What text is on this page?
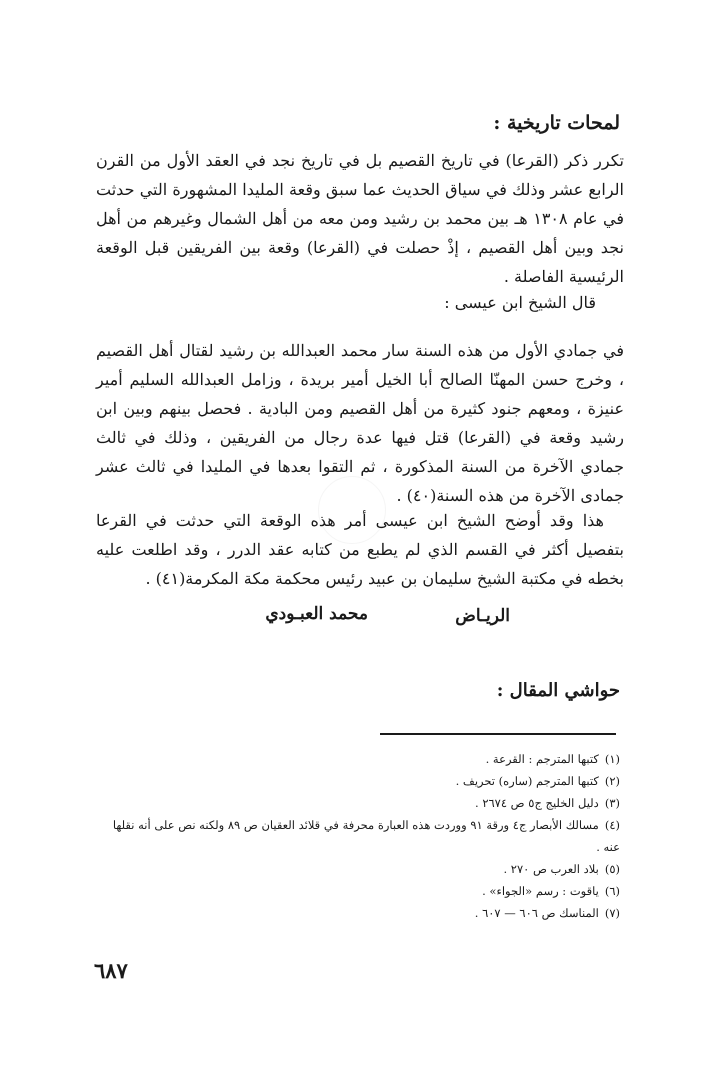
لمحات تاريخية :

تكرر ذكر (القرعا) في تاريخ القصيم بل في تاريخ نجد في العقد الأول من القرن الرابع عشر وذلك في سياق الحديث عما سبق وقعة المليدا المشهورة التي حدثت في عام ١٣٠٨ هـ بين محمد بن رشيد ومن معه من أهل الشمال وغيرهم من أهل نجد وبين أهل القصيم ، إذْ حصلت في (القرعا) وقعة بين الفريقين قبل الوقعة الرئيسية الفاصلة .

قال الشيخ ابن عيسى :

في جمادي الأول من هذه السنة سار محمد العبدالله بن رشيد لقتال أهل القصيم ، وخرج حسن المهنّا الصالح أبا الخيل أمير بريدة ، وزامل العبدالله السليم أمير عنيزة ، ومعهم جنود كثيرة من أهل القصيم ومن البادية . فحصل بينهم وبين ابن رشيد وقعة في (القرعا) قتل فيها عدة رجال من الفريقين ، وذلك في ثالث جمادي الآخرة من السنة المذكورة ، ثم التقوا بعدها في المليدا في ثالث عشر جمادى الآخرة من هذه السنة(٤٠) .

هذا وقد أوضح الشيخ ابن عيسى أمر هذه الوقعة التي حدثت في القرعا بتفصيل أكثر في القسم الذي لم يطبع من كتابه عقد الدرر ، وقد اطلعت عليه بخطه في مكتبة الشيخ سليمان بن عبيد رئيس محكمة مكة المكرمة(٤١) .

الريـاض
محمد العبـودي
حواشي المقال :
(١)كتبها المترجم : القرعة .
(٢)كتبها المترجم (ساره) تحريف .
(٣)دليل الخليج ج٥ ص ٢٦٧٤ .
(٤)مسالك الأبصار ج٤ ورقة ٩١ ووردت هذه العبارة محرفة في قلائد العقيان ص ٨٩ ولكنه نص على أنه نقلها عنه .
(٥)بلاد العرب ص ٢٧٠ .
(٦)ياقوت : رسم «الجواء» .
(٧)المناسك ص ٦٠٦ — ٦٠٧ .
٦٨٧
